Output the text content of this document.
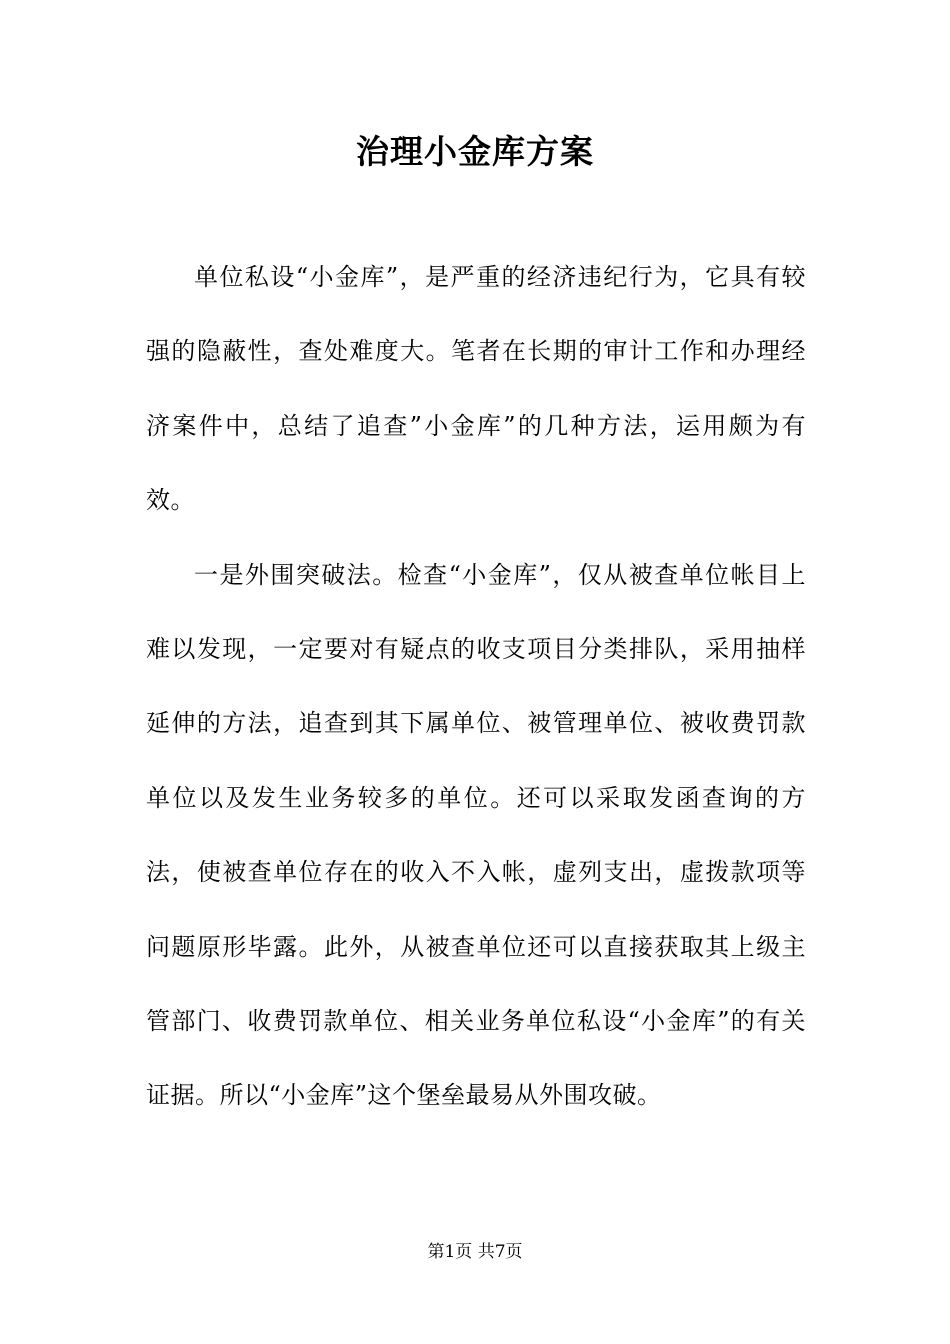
治理小金库方案

单位私设“小金库”，是严重的经济违纪行为，它具有较强的隐蔽性，查处难度大。笔者在长期的审计工作和办理经济案件中，总结了追查”小金库”的几种方法，运用颇为有效。

一是外围突破法。检查“小金库”，仅从被查单位帐目上难以发现，一定要对有疑点的收支项目分类排队，采用抽样延伸的方法，追查到其下属单位、被管理单位、被收费罚款单位以及发生业务较多的单位。还可以采取发函查询的方法，使被查单位存在的收入不入帐，虚列支出，虚拨款项等问题原形毕露。此外，从被查单位还可以直接获取其上级主管部门、收费罚款单位、相关业务单位私设“小金库”的有关证据。所以“小金库”这个堡垒最易从外围攻破。

第1页 共7页
